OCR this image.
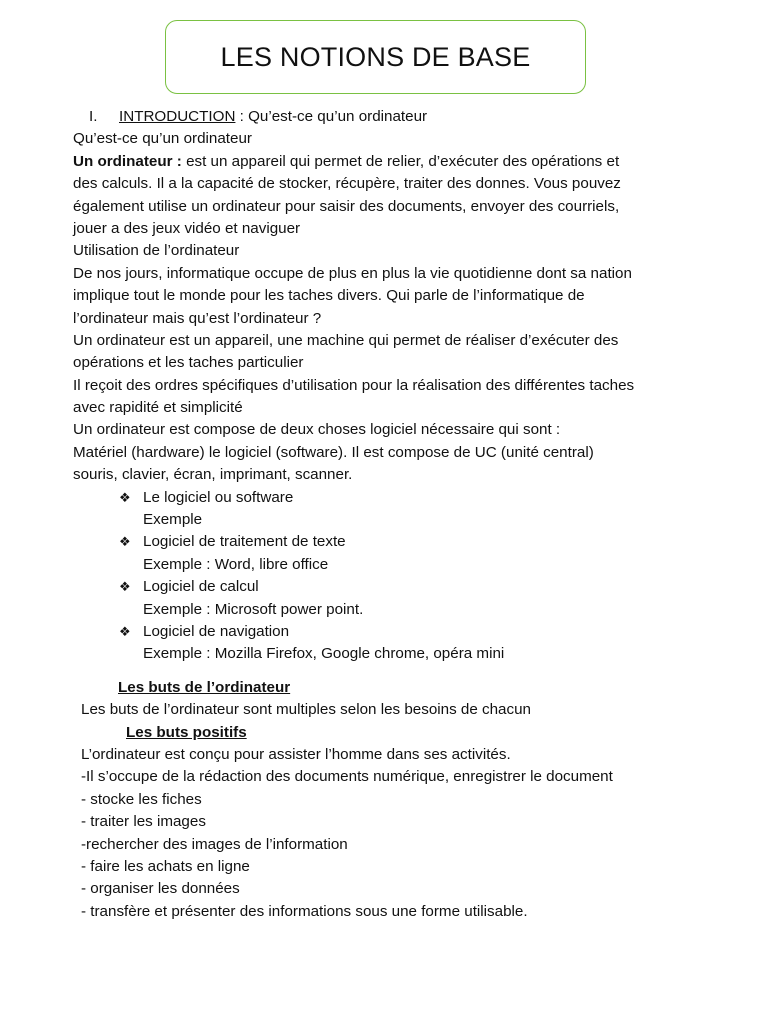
LES NOTIONS DE BASE
I. INTRODUCTION : Qu’est-ce qu’un ordinateur
Qu’est-ce qu’un ordinateur
Un ordinateur : est un appareil qui permet de relier, d’exécuter des opérations et
des calculs. Il a la capacité de stocker, récupère, traiter des donnes. Vous pouvez
également utilise un ordinateur pour saisir des documents, envoyer des courriels,
jouer a des jeux vidéo et naviguer
Utilisation de l’ordinateur
De nos jours, informatique occupe de plus en plus la vie quotidienne dont sa nation
implique tout le monde pour les taches divers. Qui parle de l’informatique de
l’ordinateur mais qu’est l’ordinateur ?
Un ordinateur est un appareil, une machine qui permet de réaliser d’exécuter des
opérations et les taches particulier
Il reçoit des ordres spécifiques d’utilisation pour la réalisation des différentes taches
avec rapidité et simplicité
Un ordinateur est compose de deux choses logiciel nécessaire qui sont :
Matériel (hardware) le logiciel (software). Il est compose de UC (unité central)
souris, clavier, écran, imprimant, scanner.
❖ Le logiciel ou software
Exemple
❖ Logiciel de traitement de texte
Exemple : Word, libre office
❖ Logiciel de calcul
Exemple : Microsoft power point.
❖ Logiciel de navigation
Exemple : Mozilla Firefox, Google chrome, opéra mini
Les buts de l’ordinateur
Les buts de l’ordinateur sont multiples selon les besoins de chacun
Les buts positifs
L’ordinateur est conçu pour assister l’homme dans ses activités.
-Il s’occupe de la rédaction des documents numérique, enregistrer le document
- stocke les fiches
- traiter les images
-rechercher des images de l’information
- faire les achats en ligne
- organiser les données
- transfère et présenter des informations sous une forme utilisable.
